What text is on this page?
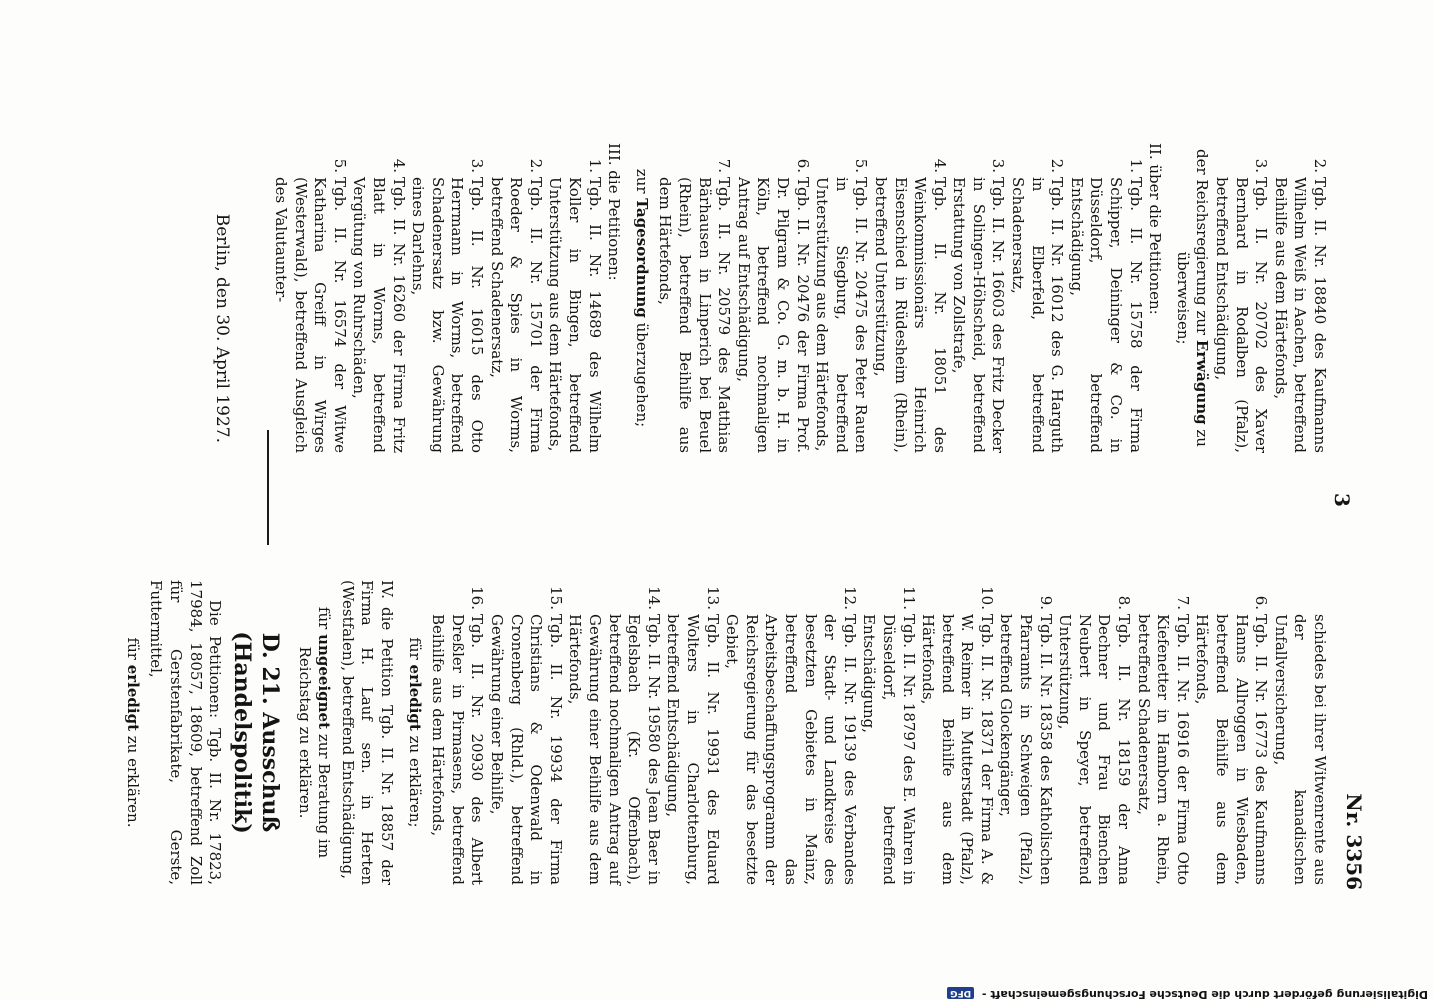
3
Nr. 3356

2.
Tgb. II. Nr. 18840 des Kaufmanns Wilhelm Weiß in Aachen, betreffend Beihilfe aus dem Härtefonds,

3.
Tgb. II. Nr. 20702 des Xaver Bernhard in Rodalben (Pfalz), betreffend Entschädigung,

der Reichsregierung zur Erwägung zu

überweisen;

II. über die Petitionen:

1.
Tgb. II. Nr. 15758 der Firma Schipper, Deininger & Co. in Düsseldorf, betreffend Entschädigung,

2.
Tgb. II. Nr. 16012 des G. Harguth in Elberfeld, betreffend Schadenersatz,

3.
Tgb. II. Nr. 16603 des Fritz Decker in Solingen-Höhscheid, betreffend Erstattung von Zollstrafe,

4.
Tgb. II. Nr. 18051 des Weinkommissionärs Heinrich Eisenschied in Rüdesheim (Rhein), betreffend Unterstützung,

5.
Tgb. II. Nr. 20475 des Peter Rauen in Siegburg, betreffend Unterstützung aus dem Härtefonds,

6.
Tgb. II. Nr. 20476 der Firma Prof. Dr. Pilgram & Co. G. m. b. H. in Köln, betreffend nochmaligen Antrag auf Entschädigung,

7.
Tgb. II. Nr. 20579 des Matthias Bärhausen in Linperich bei Beuel (Rhein), betreffend Beihilfe aus dem Härtefonds,

zur Tagesordnung überzugehen;

III. die Petitionen:

1.
Tgb. II. Nr. 14689 des Wilhelm Koller in Bingen, betreffend Unterstützung aus dem Härtefonds,

2.
Tgb. II. Nr. 15701 der Firma Roeder & Spies in Worms, betreffend Schadenersatz,

3.
Tgb. II. Nr. 16015 des Otto Herrmann in Worms, betreffend Schadenersatz bzw. Gewährung eines Darlehns,

4.
Tgb. II. Nr. 16260 der Firma Fritz Blatt in Worms, betreffend Vergütung von Ruhrschäden,

5.
Tgb. II. Nr. 16574 der Witwe Katharina Greiff in Wirges (Westerwald), betreffend Ausgleich des Valutaunter-

Berlin, den 30. April 1927.

schiedes bei ihrer Witwenrente aus der kanadischen Unfallversicherung,

6.
Tgb. II. Nr. 16773 des Kaufmanns Hanns Allroggen in Wiesbaden, betreffend Beihilfe aus dem Härtefonds,

7.
Tgb. II. Nr. 16916 der Firma Otto Kiefenetter in Hamborn a. Rhein, betreffend Schadenersatz,

8.
Tgb. II. Nr. 18159 der Anna Dechner und Frau Bienchen Neubert in Speyer, betreffend Unterstützung,

9.
Tgb. II. Nr. 18358 des Katholischen Pfarramts in Schweigen (Pfalz), betreffend Glockengänger,

10.
Tgb. II. Nr. 18371 der Firma A. & W. Reimer in Mutterstadt (Pfalz), betreffend Beihilfe aus dem Härtefonds,

11.
Tgb. II. Nr. 18797 des E. Wahren in Düsseldorf, betreffend Entschädigung,

12.
Tgb. II. Nr. 19139 des Verbandes der Stadt- und Landkreise des besetzten Gebietes in Mainz, betreffend das Arbeitsbeschaffungsprogramm der Reichsregierung für das besetzte Gebiet,

13.
Tgb. II. Nr. 19931 des Eduard Wolters in Charlottenburg, betreffend Entschädigung,

14.
Tgb. II. Nr. 19580 des Jean Baer in Egelsbach (Kr. Offenbach), betreffend nochmaligen Antrag auf Gewährung einer Beihilfe aus dem Härtefonds,

15.
Tgb. II. Nr. 19934 der Firma Christians & Odenwald in Cronenberg (Rhld.), betreffend Gewährung einer Beihilfe,

16.
Tgb. II. Nr. 20930 des Albert Dreßler in Pirmasens, betreffend Beihilfe aus dem Härtefonds,

für erledigt zu erklären;

IV. die Petition Tgb. II. Nr. 18857 der Firma H. Lauf sen. in Herten (Westfalen), betreffend Entschädigung,

für ungeeignet zur Beratung im Reichstag zu erklären.

D. 21. Ausschuß (Handelspolitik)

Die Petitionen: Tgb. II. Nr. 17823, 17984, 18057, 18609, betreffend Zoll für Gerstenfabrikate, Gerste, Futtermittel,

für erledigt zu erklären.

Digitalisierung gefördert durch die Deutsche Forschungsgemeinschaft - DFG
